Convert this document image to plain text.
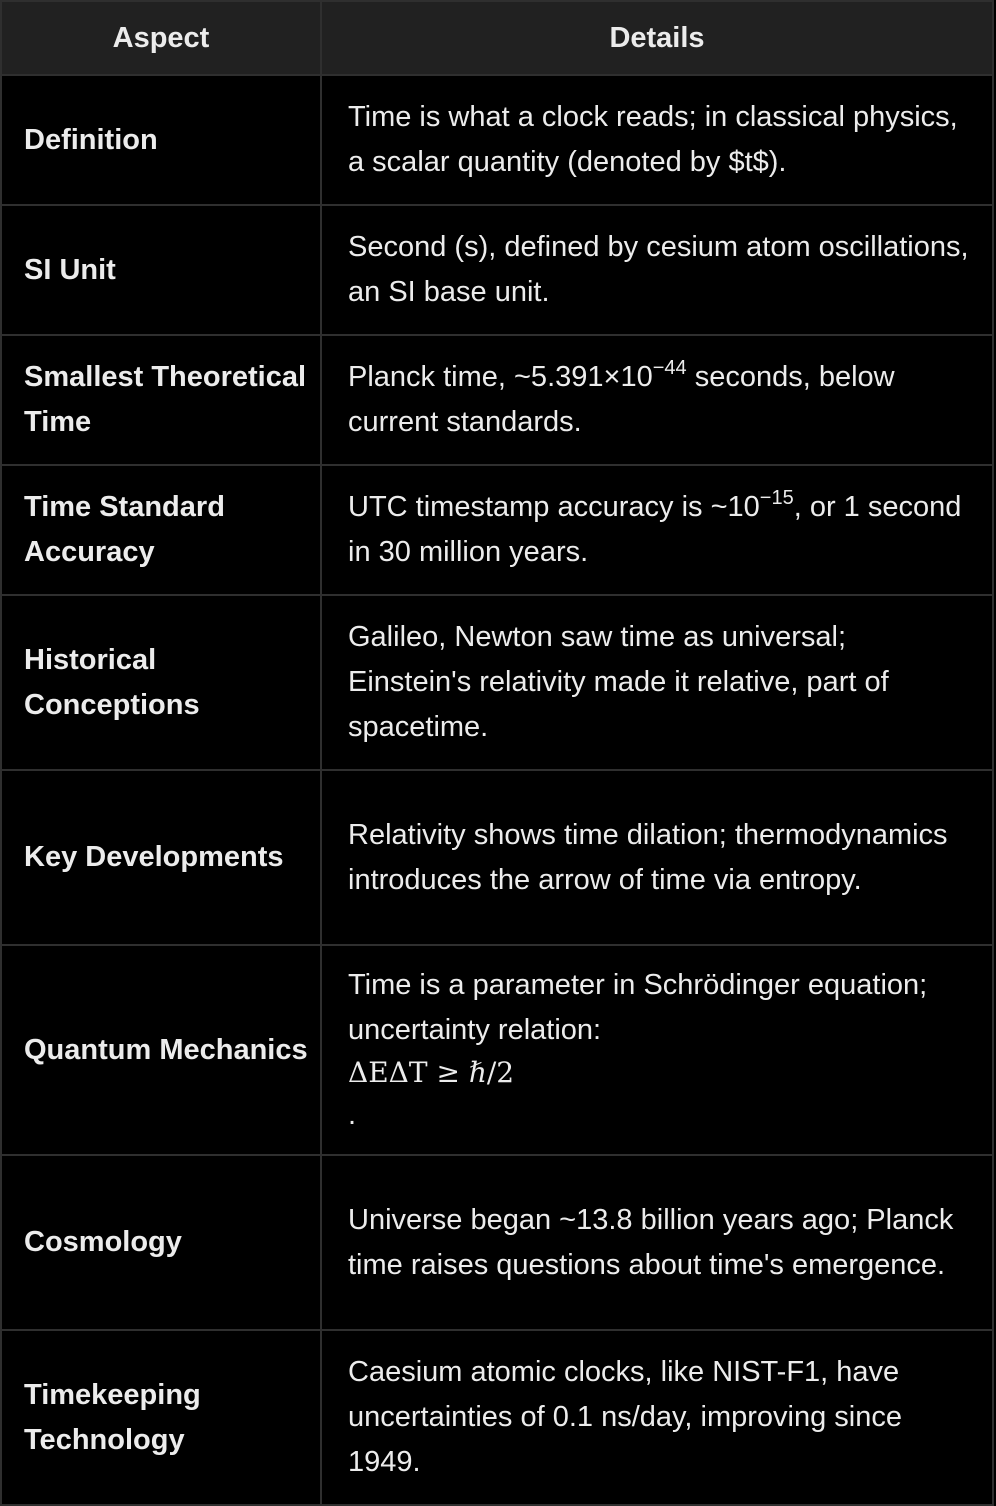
Aspect	Details
Definition	Time is what a clock reads; in classical physics, a scalar quantity (denoted by $t$).
SI Unit	Second (s), defined by cesium atom oscillations, an SI base unit.
Smallest Theoretical Time	Planck time, $\sim 5.391\times 10^{-44}$ seconds, below current standards.
Time Standard Accuracy	UTC timestamp accuracy is $\sim 10^{-15}$, or 1 second in 30 million years.
Historical Conceptions	Galileo, Newton saw time as universal; Einstein's relativity made it relative, part of spacetime.
Key Developments	Relativity shows time dilation; thermodynamics introduces the arrow of time via entropy.
Quantum Mechanics	Time is a parameter in Schrödinger equation; uncertainty relation:
ΔEΔT ≥ ℏ/2
.

Cosmology	Universe began ~13.8 billion years ago; Planck time raises questions about time's emergence.
Timekeeping Technology	Caesium atomic clocks, like NIST-F1, have uncertainties of 0.1 ns/day, improving since 1949.
